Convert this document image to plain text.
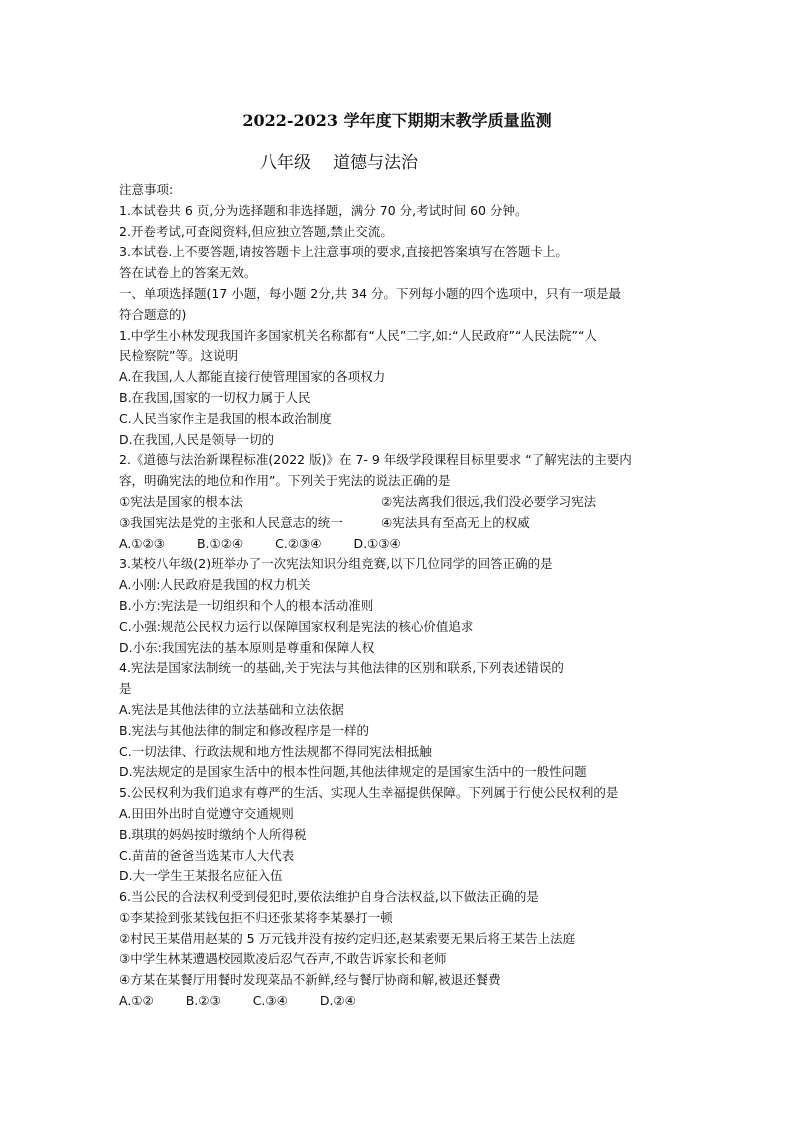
2022-2023 学年度下期期末教学质量监测
八年级 道德与法治
注意事项:
1.本试卷共 6 页,分为选择题和非选择题，满分 70 分,考试时间 60 分钟。
2.开卷考试,可查阅资料,但应独立答题,禁止交流。
3.本试卷.上不要答题,请按答题卡上注意事项的要求,直接把答案填写在答题卡上。
答在试卷上的答案无效。
一、单项选择题(17 小题，每小题 2分,共 34 分。下列每小题的四个选项中，只有一项是最
符合题意的)
1.中学生小林发现我国许多国家机关名称都有“人民”二字,如:“人民政府”“人民法院”“人
民检察院”等。这说明
A.在我国,人人都能直接行使管理国家的各项权力
B.在我国,国家的一切权力属于人民
C.人民当家作主是我国的根本政治制度
D.在我国,人民是领导一切的
2.《道德与法治新课程标准(2022 版)》在 7- 9 年级学段课程目标里要求 “了解宪法的主要内
容，明确宪法的地位和作用”。下列关于宪法的说法正确的是
①宪法是国家的根本法	②宪法离我们很远,我们没必要学习宪法
③我国宪法是党的主张和人民意志的统一	④宪法具有至高无上的权威
A.①②③	B.①②④	C.②③④	D.①③④
3.某校八年级(2)班举办了一次宪法知识分组竞赛,以下几位同学的回答正确的是
A.小刚:人民政府是我国的权力机关
B.小方:宪法是一切组织和个人的根本活动准则
C.小强:规范公民权力运行以保障国家权利是宪法的核心价值追求
D.小东:我国宪法的基本原则是尊重和保障人权
4.宪法是国家法制统一的基础,关于宪法与其他法律的区别和联系,下列表述错误的
是
A.宪法是其他法律的立法基础和立法依据
B.宪法与其他法律的制定和修改程序是一样的
C.一切法律、行政法规和地方性法规都不得同宪法相抵触
D.宪法规定的是国家生活中的根本性问题,其他法律规定的是国家生活中的一般性问题
5.公民权利为我们追求有尊严的生活、实现人生幸福提供保障。下列属于行使公民权利的是
A.田田外出时自觉遵守交通规则
B.琪琪的妈妈按时缴纳个人所得税
C.苗苗的爸爸当选某市人大代表
D.大一学生王某报名应征入伍
6.当公民的合法权利受到侵犯时,要依法维护自身合法权益,以下做法正确的是
①李某捡到张某钱包拒不归还张某将李某暴打一顿
②村民王某借用赵某的 5 万元钱并没有按约定归还,赵某索要无果后将王某告上法庭
③中学生林某遭遇校园欺凌后忍气吞声,不敢告诉家长和老师
④方某在某餐厅用餐时发现菜品不新鲜,经与餐厅协商和解,被退还餐费
A.①②	B.②③	C.③④	D.②④
